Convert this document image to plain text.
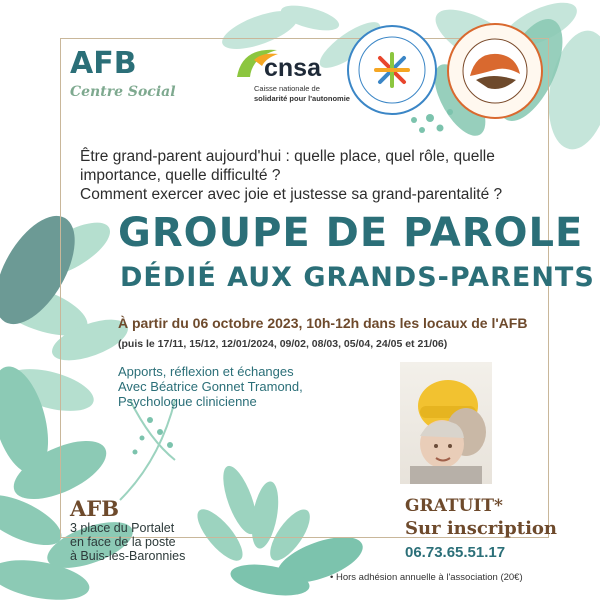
AFB
Centre Social
cnsa
Caisse nationale de
solidarité pour l'autonomie
Être grand-parent aujourd'hui : quelle place, quel rôle, quelle
importance, quelle difficulté ?
Comment exercer avec joie et justesse sa grand-parentalité ?
GROUPE DE PAROLE
DÉDIÉ AUX GRANDS-PARENTS
À partir du 06 octobre 2023, 10h-12h dans les locaux de l'AFB
(puis le 17/11, 15/12, 12/01/2024, 09/02, 08/03, 05/04, 24/05 et 21/06)
Apports, réflexion et échanges
Avec Béatrice Gonnet Tramond,
Psychologue clinicienne
GRATUIT*
Sur inscription
06.73.65.51.17
AFB
3 place du Portalet
en face de la poste
à Buis-les-Baronnies
• Hors adhésion annuelle à l'association (20€)
